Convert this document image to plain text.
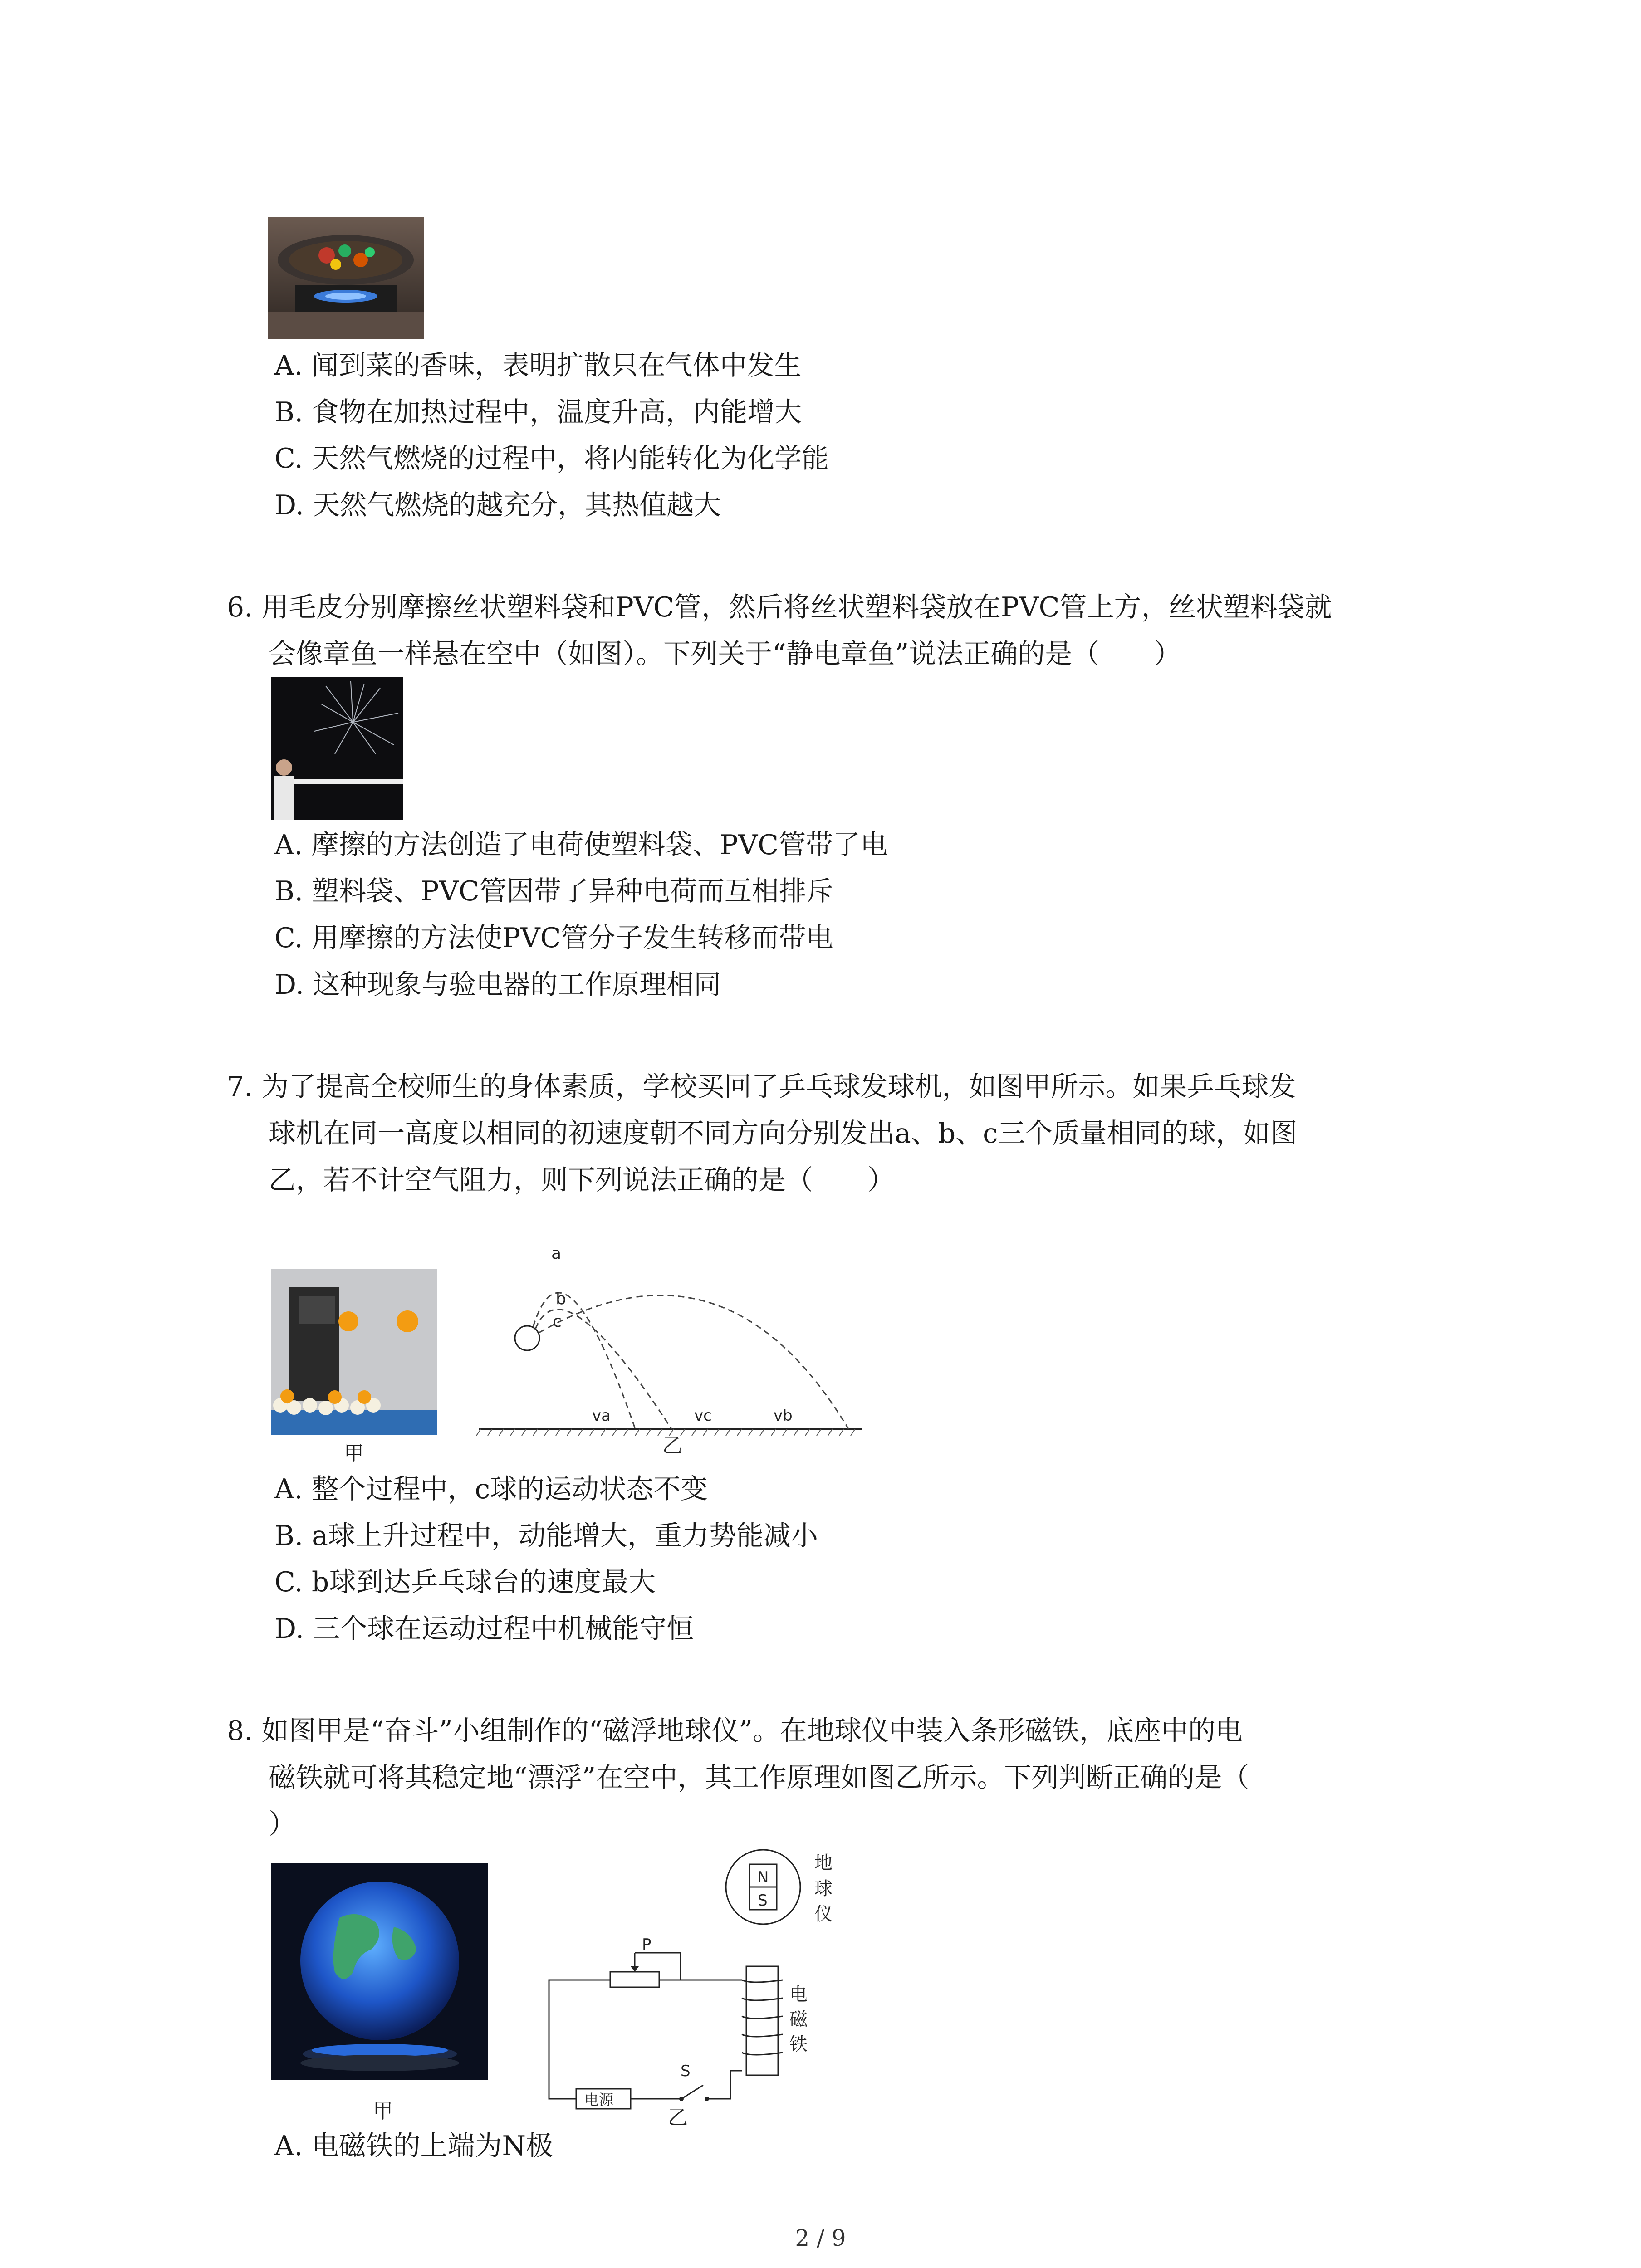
A. 闻到菜的香味，表明扩散只在气体中发生
B. 食物在加热过程中，温度升高，内能增大
C. 天然气燃烧的过程中，将内能转化为化学能
D. 天然气燃烧的越充分，其热值越大
6. 用毛皮分别摩擦丝状塑料袋和PVC管，然后将丝状塑料袋放在PVC管上方，丝状塑料袋就
会像章鱼一样悬在空中（如图）。下列关于“静电章鱼”说法正确的是（　　）
A. 摩擦的方法创造了电荷使塑料袋、PVC管带了电
B. 塑料袋、PVC管因带了异种电荷而互相排斥
C. 用摩擦的方法使PVC管分子发生转移而带电
D. 这种现象与验电器的工作原理相同
7. 为了提高全校师生的身体素质，学校买回了乒乓球发球机，如图甲所示。如果乒乓球发
球机在同一高度以相同的初速度朝不同方向分别发出a、b、c三个质量相同的球，如图
乙，若不计空气阻力，则下列说法正确的是（　　）
甲
a
b
c
va	vc	vb
乙
A. 整个过程中，c球的运动状态不变
B. a球上升过程中，动能增大，重力势能减小
C. b球到达乒乓球台的速度最大
D. 三个球在运动过程中机械能守恒
8. 如图甲是“奋斗”小组制作的“磁浮地球仪”。在地球仪中装入条形磁铁，底座中的电
磁铁就可将其稳定地“漂浮”在空中，其工作原理如图乙所示。下列判断正确的是（
）
甲
N
S
地球仪
电磁铁
P
电源
S
乙
A. 电磁铁的上端为N极
2 / 9
